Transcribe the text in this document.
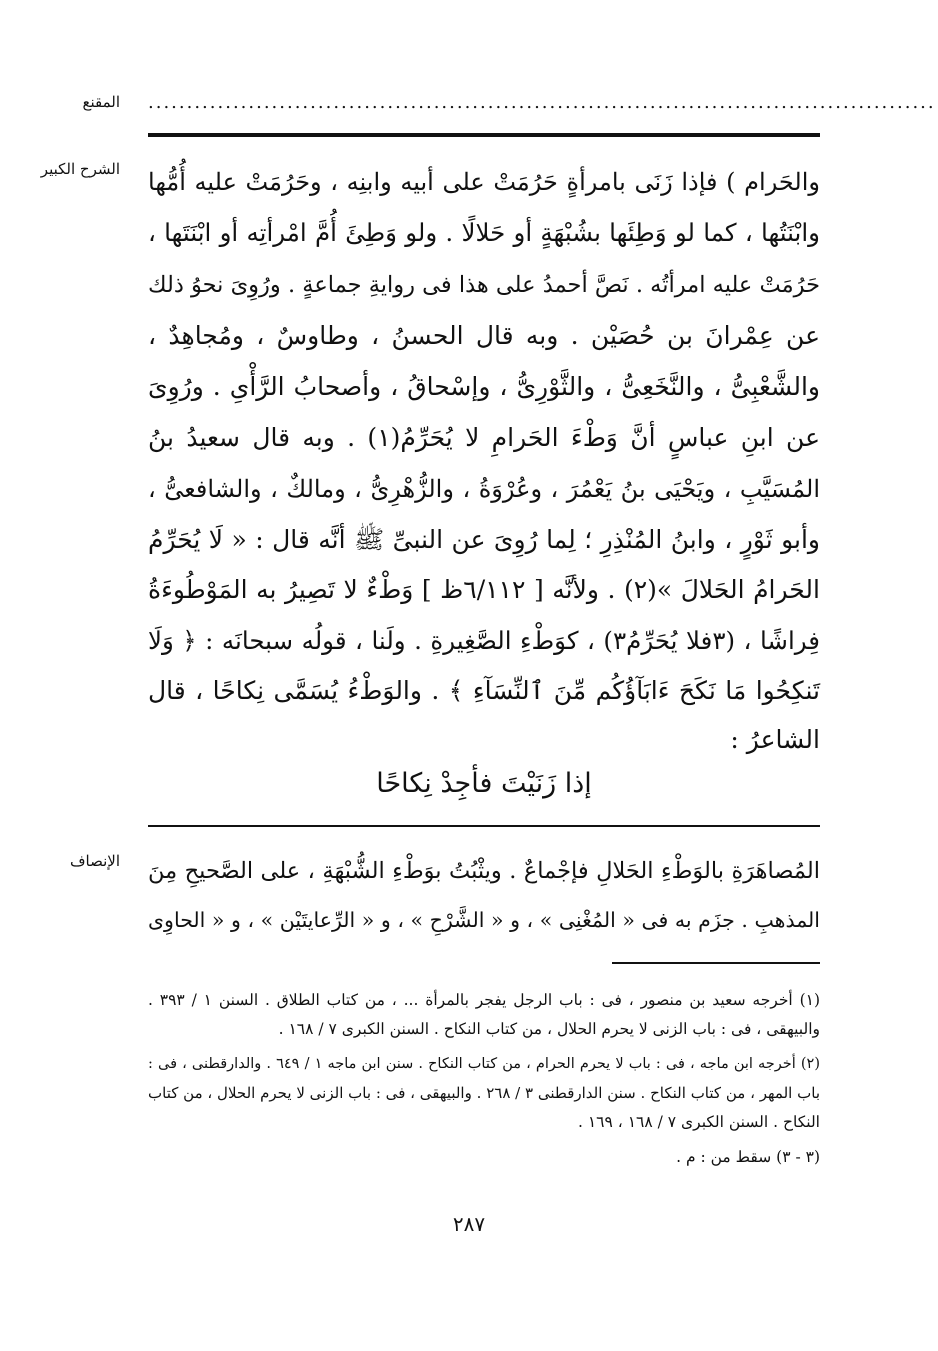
المقنع ......................................................................................................
الشرح الكبير والحَرام ) فإذا زَنَى بامرأةٍ حَرُمَتْ على أبيه وابنِه ، وحَرُمَتْ عليه أُمُّها
وابْنَتُها ، كما لو وَطِئَها بشُبْهَةٍ أو حَلالًا . ولو وَطِئَ أُمَّ امْرأتِه أو ابْنَتَها ،
حَرُمَتْ عليه امرأتُه . نَصَّ أحمدُ على هذا فى روايةِ جماعةٍ . ورُوِىَ نحوُ ذلك
عن عِمْرانَ بن حُصَيْن . وبه قال الحسنُ ، وطاوسٌ ، ومُجاهِدٌ ،
والشَّعْبِىُّ ، والنَّخَعِىُّ ، والثَّوْرِىُّ ، وإسْحاقُ ، وأصحابُ الرَّأْىِ . ورُوِىَ
عن ابنِ عباسٍ أنَّ وَطْءَ الحَرامِ لا يُحَرِّمُ(١) . وبه قال سعيدُ بنُ
المُسَيَّبِ ، ويَحْيَى بنُ يَعْمُرَ ، وعُرْوَةُ ، والزُّهْرِىُّ ، ومالكٌ ، والشافعىُّ ،
وأبو ثَوْرٍ ، وابنُ المُنْذِرِ ؛ لِما رُوِىَ عن النبىِّ ﷺ أنَّه قال : « لَا يُحَرِّمُ
الحَرامُ الحَلالَ »(٢) . ولأنَّه [ ٦/١١٢ظ ] وَطْءٌ لا تَصِيرُ به المَوْطُوءَةُ
فِراشًا ، (٣فلا يُحَرِّمُ٣) ، كوَطْءِ الصَّغِيرةِ . ولَنا ، قولُه سبحانَه : ﴿ وَلَا
تَنكِحُوا مَا نَكَحَ ءَابَآؤُكُم مِّنَ ٱلنِّسَآءِ ﴾ . والوَطْءُ يُسَمَّى نِكاحًا ، قال
الشاعرُ :
إذا زَنَيْتَ فأجِدْ نِكاحًا
الإنصاف المُصاهَرَةِ بالوَطْءِ الحَلالِ فإجْماعٌ . ويثْبُتُ بوَطْءِ الشُّبْهَةِ ، على الصَّحيحِ مِنَ
المذهبِ . جزَم به فى « المُغْنِى » ، و « الشَّرْحِ » ، و « الرِّعايتَيْن » ، و « الحاوِى
(١) أخرجه سعيد بن منصور ، فى : باب الرجل يفجر بالمرأة ... ، من كتاب الطلاق . السنن ١ / ٣٩٣ .
والبيهقى ، فى : باب الزنى لا يحرم الحلال ، من كتاب النكاح . السنن الكبرى ٧ / ١٦٨ .
(٢) أخرجه ابن ماجه ، فى : باب لا يحرم الحرام ، من كتاب النكاح . سنن ابن ماجه ١ / ٦٤٩ . والدارقطنى ، فى :
باب المهر ، من كتاب النكاح . سنن الدارقطنى ٣ / ٢٦٨ . والبيهقى ، فى : باب الزنى لا يحرم الحلال ، من كتاب
النكاح . السنن الكبرى ٧ / ١٦٨ ، ١٦٩ .
(٣ - ٣) سقط من : م .
٢٨٧
